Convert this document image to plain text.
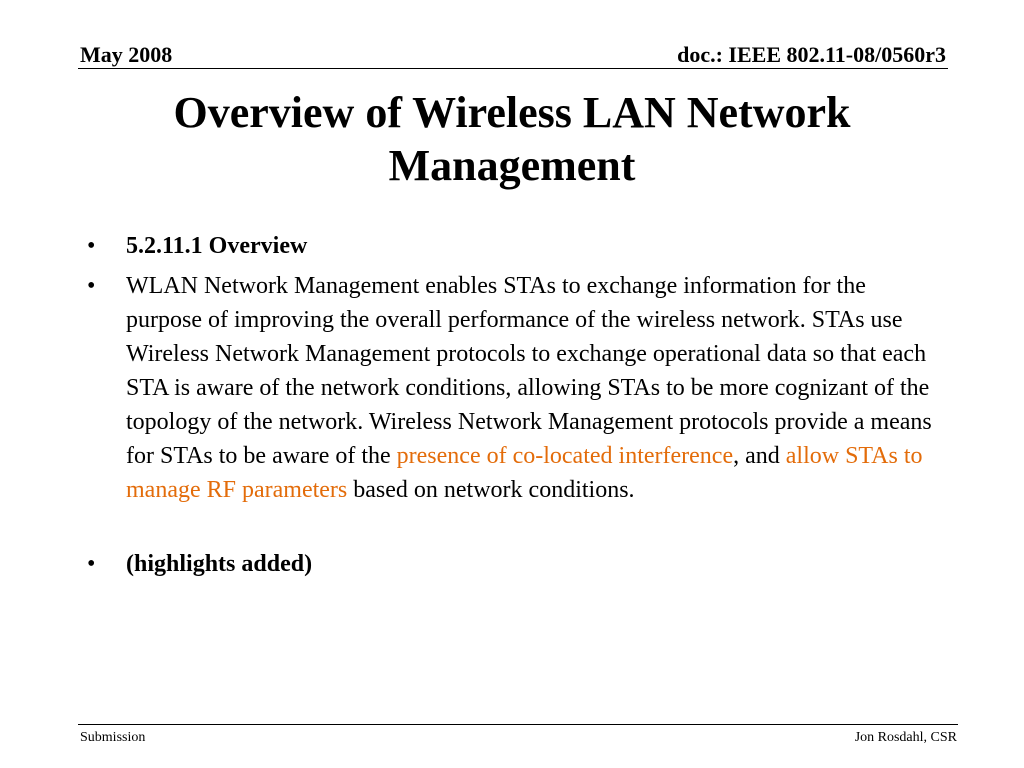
May 2008	doc.: IEEE 802.11-08/0560r3
Overview of Wireless LAN Network
Management
• 5.2.11.1 Overview
• WLAN Network Management enables STAs to exchange information for the purpose of improving the overall performance of the wireless network. STAs use Wireless Network Management protocols to exchange operational data so that each STA is aware of the network conditions, allowing STAs to be more cognizant of the topology of the network. Wireless Network Management protocols provide a means for STAs to be aware of the presence of co-located interference, and allow STAs to manage RF parameters based on network conditions.
• (highlights added)
Submission	Jon Rosdahl, CSR
